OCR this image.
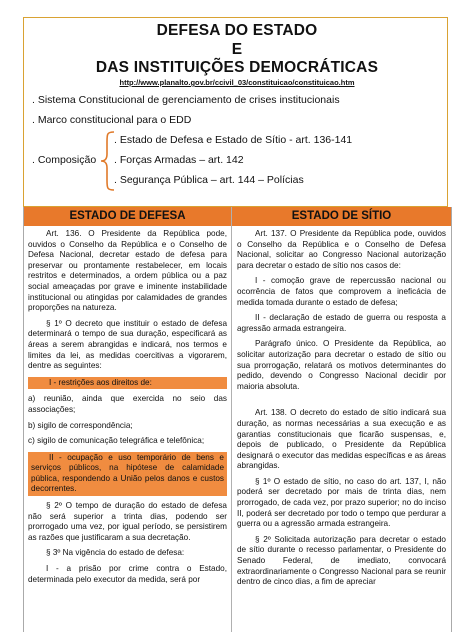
DEFESA DO ESTADO
E
DAS INSTITUIÇÕES DEMOCRÁTICAS
http://www.planalto.gov.br/ccivil_03/constituicao/constituicao.htm
. Sistema Constitucional de gerenciamento de crises institucionais
. Marco constitucional para o EDD
. Composição
. Estado de Defesa e Estado de Sítio - art. 136-141
. Forças Armadas – art. 142
. Segurança Pública – art. 144 – Polícias
ESTADO DE DEFESA	ESTADO DE SÍTIO

Art. 136. O Presidente da República pode, ouvidos o Conselho da República e o Conselho de Defesa Nacional, decretar estado de defesa para preservar ou prontamente restabelecer, em locais restritos e determinados, a ordem pública ou a paz social ameaçadas por grave e iminente instabilidade institucional ou atingidas por calamidades de grandes proporções na natureza.

§ 1º O decreto que instituir o estado de defesa determinará o tempo de sua duração, especificará as áreas a serem abrangidas e indicará, nos termos e limites da lei, as medidas coercitivas a vigorarem, dentre as seguintes:

I - restrições aos direitos de:

a) reunião, ainda que exercida no seio das associações;

b) sigilo de correspondência;

c) sigilo de comunicação telegráfica e telefônica;

II - ocupação e uso temporário de bens e serviços públicos, na hipótese de calamidade pública, respondendo a União pelos danos e custos decorrentes.

§ 2º O tempo de duração do estado de defesa não será superior a trinta dias, podendo ser prorrogado uma vez, por igual período, se persistirem as razões que justificaram a sua decretação.

§ 3º Na vigência do estado de defesa:

I - a prisão por crime contra o Estado, determinada pelo executor da medida, será por

Art. 137. O Presidente da República pode, ouvidos o Conselho da República e o Conselho de Defesa Nacional, solicitar ao Congresso Nacional autorização para decretar o estado de sítio nos casos de:

I - comoção grave de repercussão nacional ou ocorrência de fatos que comprovem a ineficácia de medida tomada durante o estado de defesa;

II - declaração de estado de guerra ou resposta a agressão armada estrangeira.

Parágrafo único. O Presidente da República, ao solicitar autorização para decretar o estado de sítio ou sua prorrogação, relatará os motivos determinantes do pedido, devendo o Congresso Nacional decidir por maioria absoluta.

Art. 138. O decreto do estado de sítio indicará sua duração, as normas necessárias a sua execução e as garantias constitucionais que ficarão suspensas, e, depois de publicado, o Presidente da República designará o executor das medidas específicas e as áreas abrangidas.

§ 1º O estado de sítio, no caso do art. 137, I, não poderá ser decretado por mais de trinta dias, nem prorrogado, de cada vez, por prazo superior; no do inciso II, poderá ser decretado por todo o tempo que perdurar a guerra ou a agressão armada estrangeira.

§ 2º Solicitada autorização para decretar o estado de sítio durante o recesso parlamentar, o Presidente do Senado Federal, de imediato, convocará extraordinariamente o Congresso Nacional para se reunir dentro de cinco dias, a fim de apreciar
